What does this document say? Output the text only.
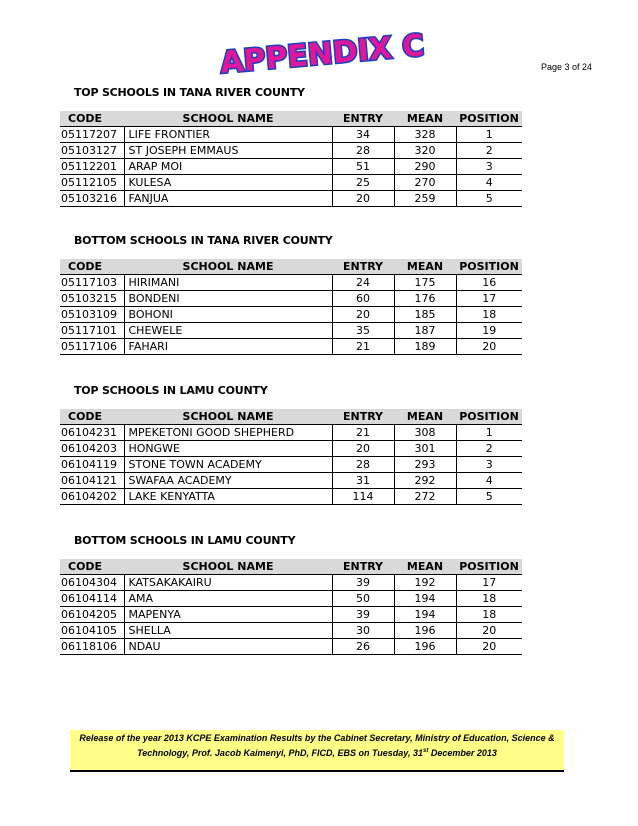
APPENDIX C	Page 3 of 24
TOP SCHOOLS IN TANA RIVER COUNTY
CODE	SCHOOL NAME	ENTRY	MEAN	POSITION
05117207	LIFE FRONTIER	34	328	1
05103127	ST JOSEPH EMMAUS	28	320	2
05112201	ARAP MOI	51	290	3
05112105	KULESA	25	270	4
05103216	FANJUA	20	259	5
BOTTOM SCHOOLS IN TANA RIVER COUNTY
CODE	SCHOOL NAME	ENTRY	MEAN	POSITION
05117103	HIRIMANI	24	175	16
05103215	BONDENI	60	176	17
05103109	BOHONI	20	185	18
05117101	CHEWELE	35	187	19
05117106	FAHARI	21	189	20
TOP SCHOOLS IN LAMU COUNTY
CODE	SCHOOL NAME	ENTRY	MEAN	POSITION
06104231	MPEKETONI GOOD SHEPHERD	21	308	1
06104203	HONGWE	20	301	2
06104119	STONE TOWN ACADEMY	28	293	3
06104121	SWAFAA ACADEMY	31	292	4
06104202	LAKE KENYATTA	114	272	5
BOTTOM SCHOOLS IN LAMU COUNTY
CODE	SCHOOL NAME	ENTRY	MEAN	POSITION
06104304	KATSAKAKAIRU	39	192	17
06104114	AMA	50	194	18
06104205	MAPENYA	39	194	18
06104105	SHELLA	30	196	20
06118106	NDAU	26	196	20
Release of the year 2013 KCPE Examination Results by the Cabinet Secretary, Ministry of Education, Science &
Technology, Prof. Jacob Kaimenyi, PhD, FICD, EBS on Tuesday, 31st December 2013
